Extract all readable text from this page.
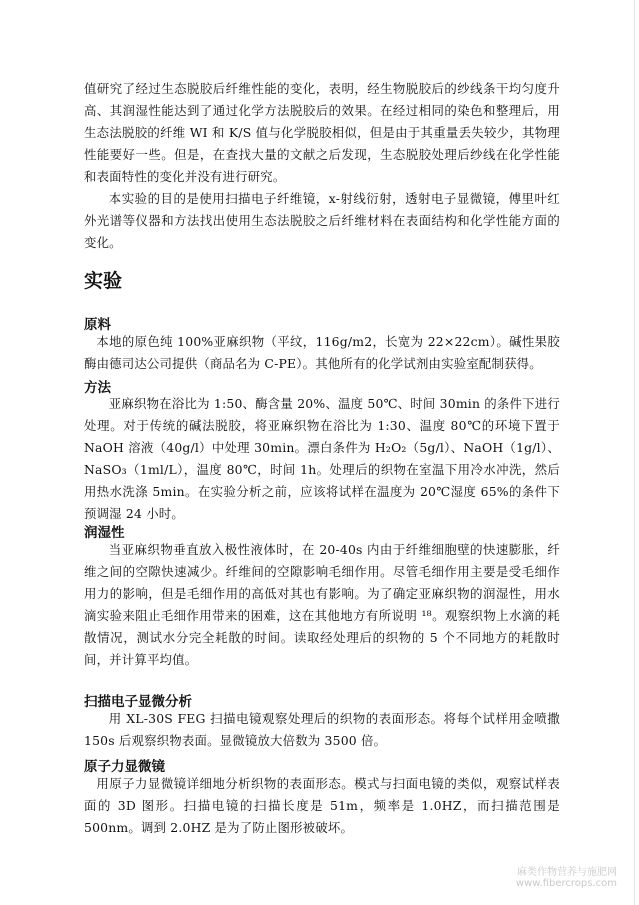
值研究了经过生态脱胶后纤维性能的变化，表明，经生物脱胶后的纱线条干均匀度升高、其润湿性能达到了通过化学方法脱胶后的效果。在经过相同的染色和整理后，用生态法脱胶的纤维 WI 和 K/S 值与化学脱胶相似，但是由于其重量丢失较少，其物理性能要好一些。但是，在查找大量的文献之后发现，生态脱胶处理后纱线在化学性能和表面特性的变化并没有进行研究。

本实验的目的是使用扫描电子纤维镜，x-射线衍射，透射电子显微镜，傅里叶红外光谱等仪器和方法找出使用生态法脱胶之后纤维材料在表面结构和化学性能方面的变化。

实验
原料

本地的原色纯 100%亚麻织物（平纹，116g/m2，长宽为 22×22cm）。碱性果胶酶由德司达公司提供（商品名为 C-PE）。其他所有的化学试剂由实验室配制获得。

方法

亚麻织物在浴比为 1:50、酶含量 20%、温度 50℃、时间 30min 的条件下进行处理。对于传统的碱法脱胶，将亚麻织物在浴比为 1:30、温度 80℃的环境下置于 NaOH 溶液（40g/l）中处理 30min。漂白条件为 H₂O₂（5g/l）、NaOH（1g/l）、NaSO₃（1ml/L），温度 80℃，时间 1h。处理后的织物在室温下用冷水冲洗，然后用热水洗涤 5min。在实验分析之前，应该将试样在温度为 20℃湿度 65%的条件下预调湿 24 小时。

润湿性

当亚麻织物垂直放入极性液体时，在 20-40s 内由于纤维细胞壁的快速膨胀，纤维之间的空隙快速减少。纤维间的空隙影响毛细作用。尽管毛细作用主要是受毛细作用力的影响，但是毛细作用的高低对其也有影响。为了确定亚麻织物的润湿性，用水滴实验来阻止毛细作用带来的困难，这在其他地方有所说明 ¹⁸。观察织物上水滴的耗散情况，测试水分完全耗散的时间。读取经处理后的织物的 5 个不同地方的耗散时间，并计算平均值。

扫描电子显微分析

用 XL-30S FEG 扫描电镜观察处理后的织物的表面形态。将每个试样用金喷撒 150s 后观察织物表面。显微镜放大倍数为 3500 倍。

原子力显微镜

用原子力显微镜详细地分析织物的表面形态。模式与扫面电镜的类似，观察试样表面的 3D 图形。扫描电镜的扫描长度是 51m，频率是 1.0HZ，而扫描范围是 500nm。调到 2.0HZ 是为了防止图形被破坏。

麻类作物营养与施肥网
www.fibercrops.com
